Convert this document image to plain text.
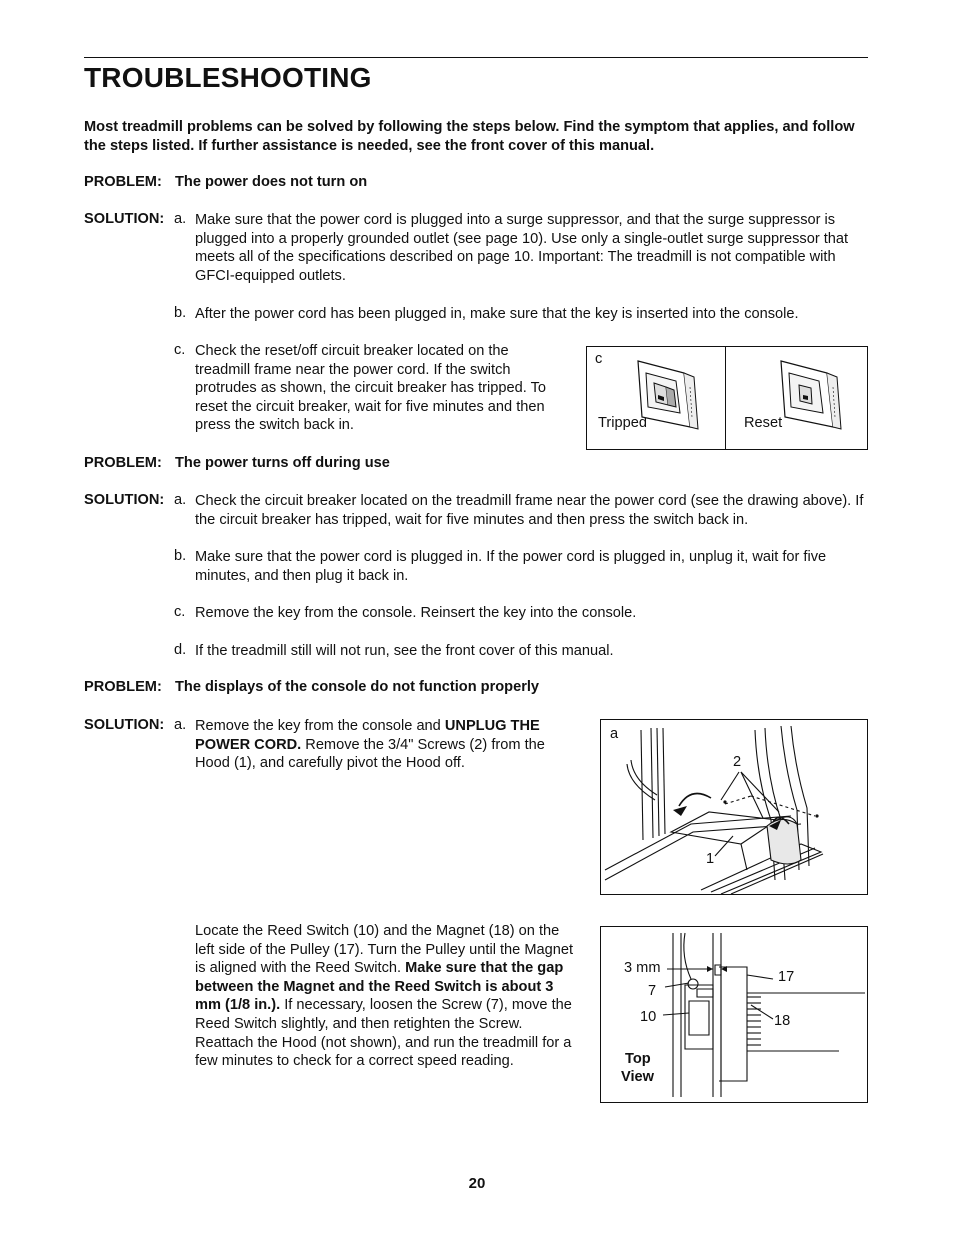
TROUBLESHOOTING
Most treadmill problems can be solved by following the steps below. Find the symptom that applies, and follow the steps listed. If further assistance is needed, see the front cover of this manual.
PROBLEM: The power does not turn on
SOLUTION: a. Make sure that the power cord is plugged into a surge suppressor, and that the surge suppressor is plugged into a properly grounded outlet (see page 10). Use only a single-outlet surge suppressor that meets all of the specifications described on page 10. Important: The treadmill is not compatible with GFCI-equipped outlets.
b. After the power cord has been plugged in, make sure that the key is inserted into the console.
c. Check the reset/off circuit breaker located on the treadmill frame near the power cord. If the switch protrudes as shown, the circuit breaker has tripped. To reset the circuit breaker, wait for five minutes and then press the switch back in.
c
Tripped	Reset
PROBLEM: The power turns off during use
SOLUTION: a. Check the circuit breaker located on the treadmill frame near the power cord (see the drawing above). If the circuit breaker has tripped, wait for five minutes and then press the switch back in.
b. Make sure that the power cord is plugged in. If the power cord is plugged in, unplug it, wait for five minutes, and then plug it back in.
c. Remove the key from the console. Reinsert the key into the console.
d. If the treadmill still will not run, see the front cover of this manual.
PROBLEM: The displays of the console do not function properly
SOLUTION: a. Remove the key from the console and UNPLUG THE POWER CORD. Remove the 3/4" Screws (2) from the Hood (1), and carefully pivot the Hood off.
a
2
1
Locate the Reed Switch (10) and the Magnet (18) on the left side of the Pulley (17). Turn the Pulley until the Magnet is aligned with the Reed Switch. Make sure that the gap between the Magnet and the Reed Switch is about 3 mm (1/8 in.). If necessary, loosen the Screw (7), move the Reed Switch slightly, and then retighten the Screw. Reattach the Hood (not shown), and run the treadmill for a few minutes to check for a correct speed reading.
3 mm
7
10
17
18
Top
View
20
